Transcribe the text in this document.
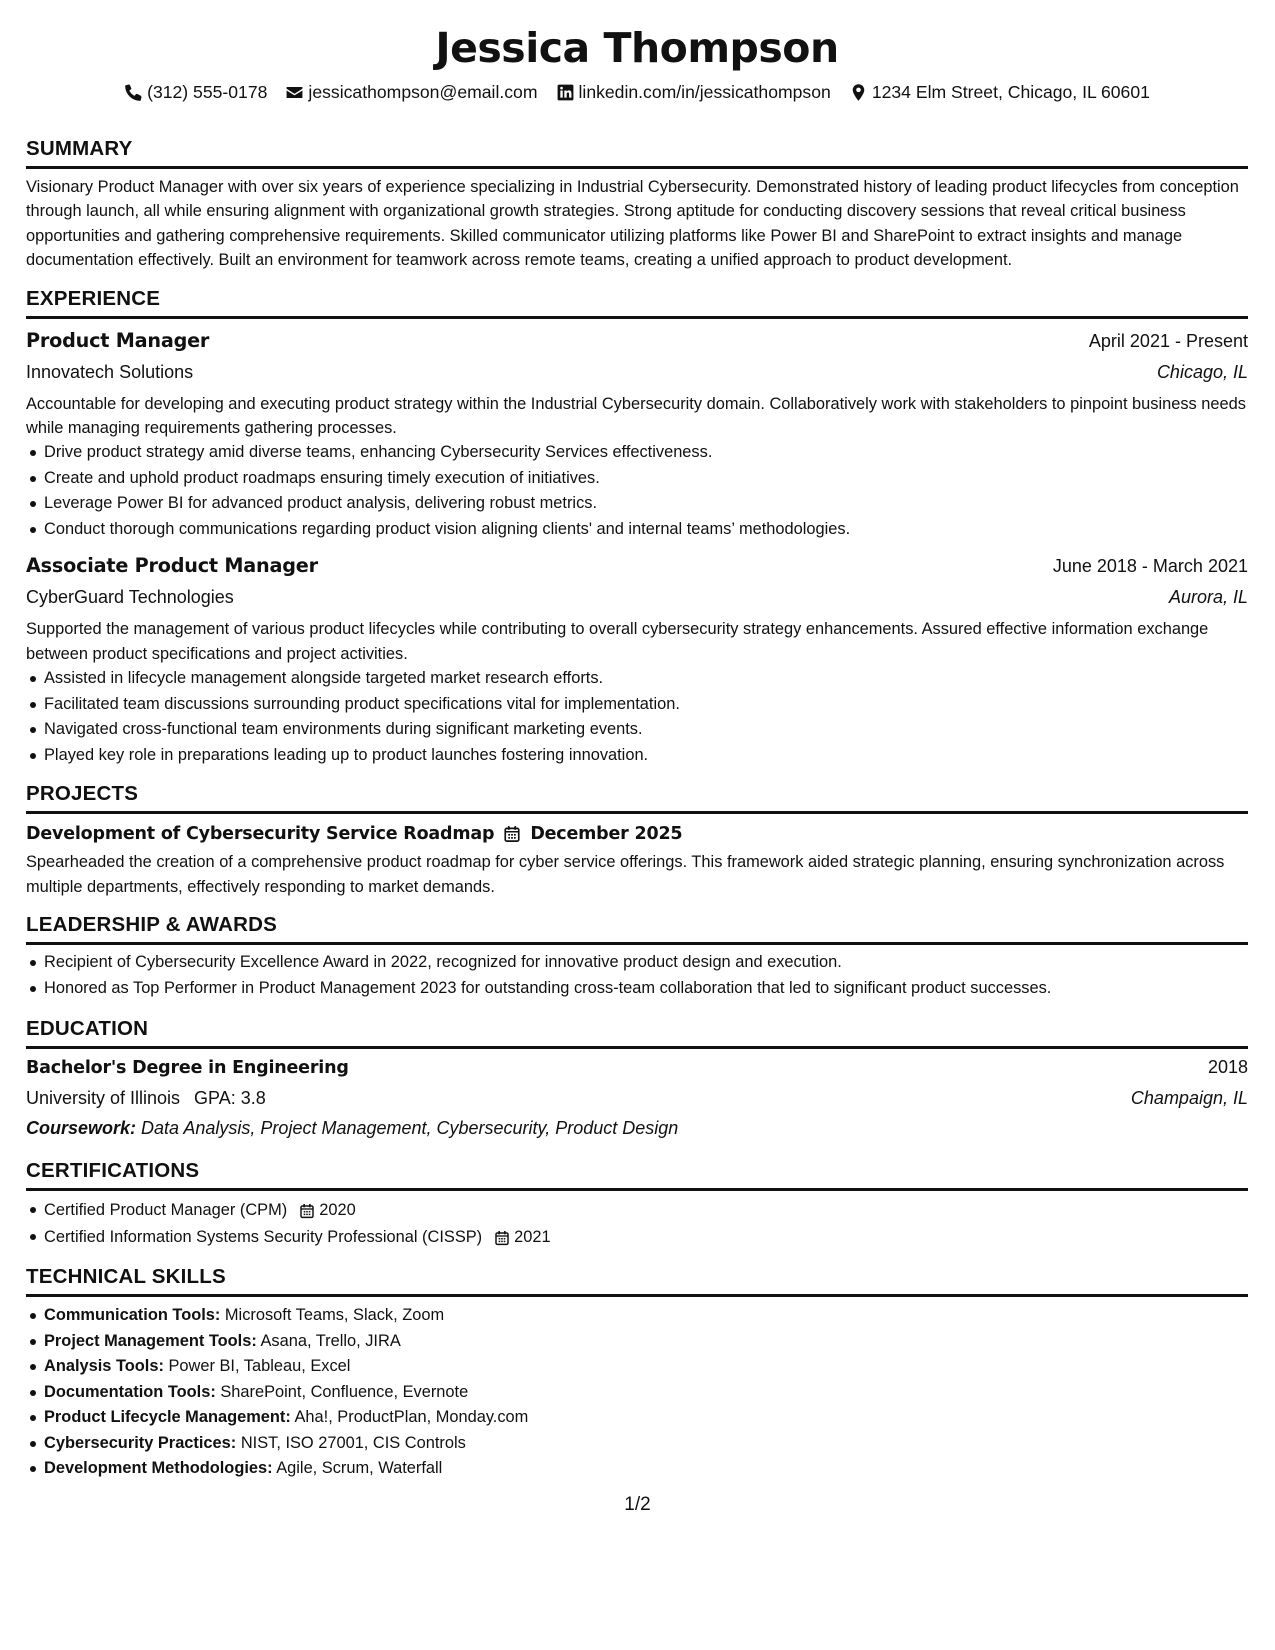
Jessica Thompson
(312) 555-0178 jessicathompson@email.com linkedin.com/in/jessicathompson 1234 Elm Street, Chicago, IL 60601
SUMMARY
Visionary Product Manager with over six years of experience specializing in Industrial Cybersecurity. Demonstrated history of leading product lifecycles from conception through launch, all while ensuring alignment with organizational growth strategies. Strong aptitude for conducting discovery sessions that reveal critical business opportunities and gathering comprehensive requirements. Skilled communicator utilizing platforms like Power BI and SharePoint to extract insights and manage documentation effectively. Built an environment for teamwork across remote teams, creating a unified approach to product development.
EXPERIENCE
Product Manager	April 2021 - Present
Innovatech Solutions	Chicago, IL
Accountable for developing and executing product strategy within the Industrial Cybersecurity domain. Collaboratively work with stakeholders to pinpoint business needs while managing requirements gathering processes.
Drive product strategy amid diverse teams, enhancing Cybersecurity Services effectiveness.
Create and uphold product roadmaps ensuring timely execution of initiatives.
Leverage Power BI for advanced product analysis, delivering robust metrics.
Conduct thorough communications regarding product vision aligning clients' and internal teams’ methodologies.
Associate Product Manager	June 2018 - March 2021
CyberGuard Technologies	Aurora, IL
Supported the management of various product lifecycles while contributing to overall cybersecurity strategy enhancements. Assured effective information exchange between product specifications and project activities.
Assisted in lifecycle management alongside targeted market research efforts.
Facilitated team discussions surrounding product specifications vital for implementation.
Navigated cross-functional team environments during significant marketing events.
Played key role in preparations leading up to product launches fostering innovation.
PROJECTS
Development of Cybersecurity Service Roadmap December 2025
Spearheaded the creation of a comprehensive product roadmap for cyber service offerings. This framework aided strategic planning, ensuring synchronization across multiple departments, effectively responding to market demands.
LEADERSHIP & AWARDS
Recipient of Cybersecurity Excellence Award in 2022, recognized for innovative product design and execution.
Honored as Top Performer in Product Management 2023 for outstanding cross-team collaboration that led to significant product successes.
EDUCATION
Bachelor's Degree in Engineering	2018
University of Illinois GPA: 3.8	Champaign, IL
Coursework: Data Analysis, Project Management, Cybersecurity, Product Design
CERTIFICATIONS
Certified Product Manager (CPM) 2020
Certified Information Systems Security Professional (CISSP) 2021
TECHNICAL SKILLS
Communication Tools: Microsoft Teams, Slack, Zoom
Project Management Tools: Asana, Trello, JIRA
Analysis Tools: Power BI, Tableau, Excel
Documentation Tools: SharePoint, Confluence, Evernote
Product Lifecycle Management: Aha!, ProductPlan, Monday.com
Cybersecurity Practices: NIST, ISO 27001, CIS Controls
Development Methodologies: Agile, Scrum, Waterfall
1/2
